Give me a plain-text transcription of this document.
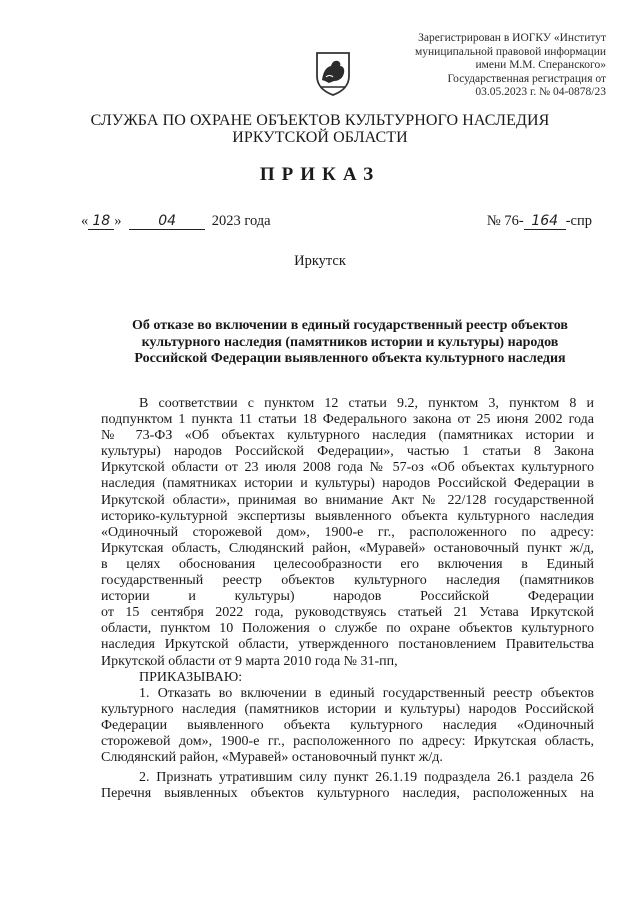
Зарегистрирован в ИОГКУ «Институт
муниципальной правовой информации
имени М.М. Сперанского»
Государственная регистрация от
03.05.2023 г. № 04-0878/23
СЛУЖБА ПО ОХРАНЕ ОБЪЕКТОВ КУЛЬТУРНОГО НАСЛЕДИЯ
ИРКУТСКОЙ ОБЛАСТИ
ПРИКАЗ
« 18 »	04 2023 года	№ 76- 164 -спр
Иркутск
Об отказе во включении в единый государственный реестр объектов
культурного наследия (памятников истории и культуры) народов
Российской Федерации выявленного объекта культурного наследия
В соответствии с пунктом 12 статьи 9.2, пунктом 3, пунктом 8 и
подпунктом 1 пункта 11 статьи 18 Федерального закона от 25 июня 2002 года
№ 73-ФЗ «Об объектах культурного наследия (памятниках истории и
культуры) народов Российской Федерации», частью 1 статьи 8 Закона
Иркутской области от 23 июля 2008 года № 57-оз «Об объектах культурного
наследия (памятниках истории и культуры) народов Российской Федерации в
Иркутской области», принимая во внимание Акт № 22/128 государственной
историко-культурной экспертизы выявленного объекта культурного наследия
«Одиночный сторожевой дом», 1900-е гг., расположенного по адресу:
Иркутская область, Слюдянский район, «Муравей» остановочный пункт ж/д,
в целях обоснования целесообразности его включения в Единый
государственный реестр объектов культурного наследия (памятников
истории и культуры) народов Российской Федерации
от 15 сентября 2022 года, руководствуясь статьей 21 Устава Иркутской
области, пунктом 10 Положения о службе по охране объектов культурного
наследия Иркутской области, утвержденного постановлением Правительства
Иркутской области от 9 марта 2010 года № 31-пп,
ПРИКАЗЫВАЮ:
1. Отказать во включении в единый государственный реестр объектов
культурного наследия (памятников истории и культуры) народов Российской
Федерации выявленного объекта культурного наследия «Одиночный
сторожевой дом», 1900-е гг., расположенного по адресу: Иркутская область,
Слюдянский район, «Муравей» остановочный пункт ж/д.
2. Признать утратившим силу пункт 26.1.19 подраздела 26.1 раздела 26
Перечня выявленных объектов культурного наследия, расположенных на
